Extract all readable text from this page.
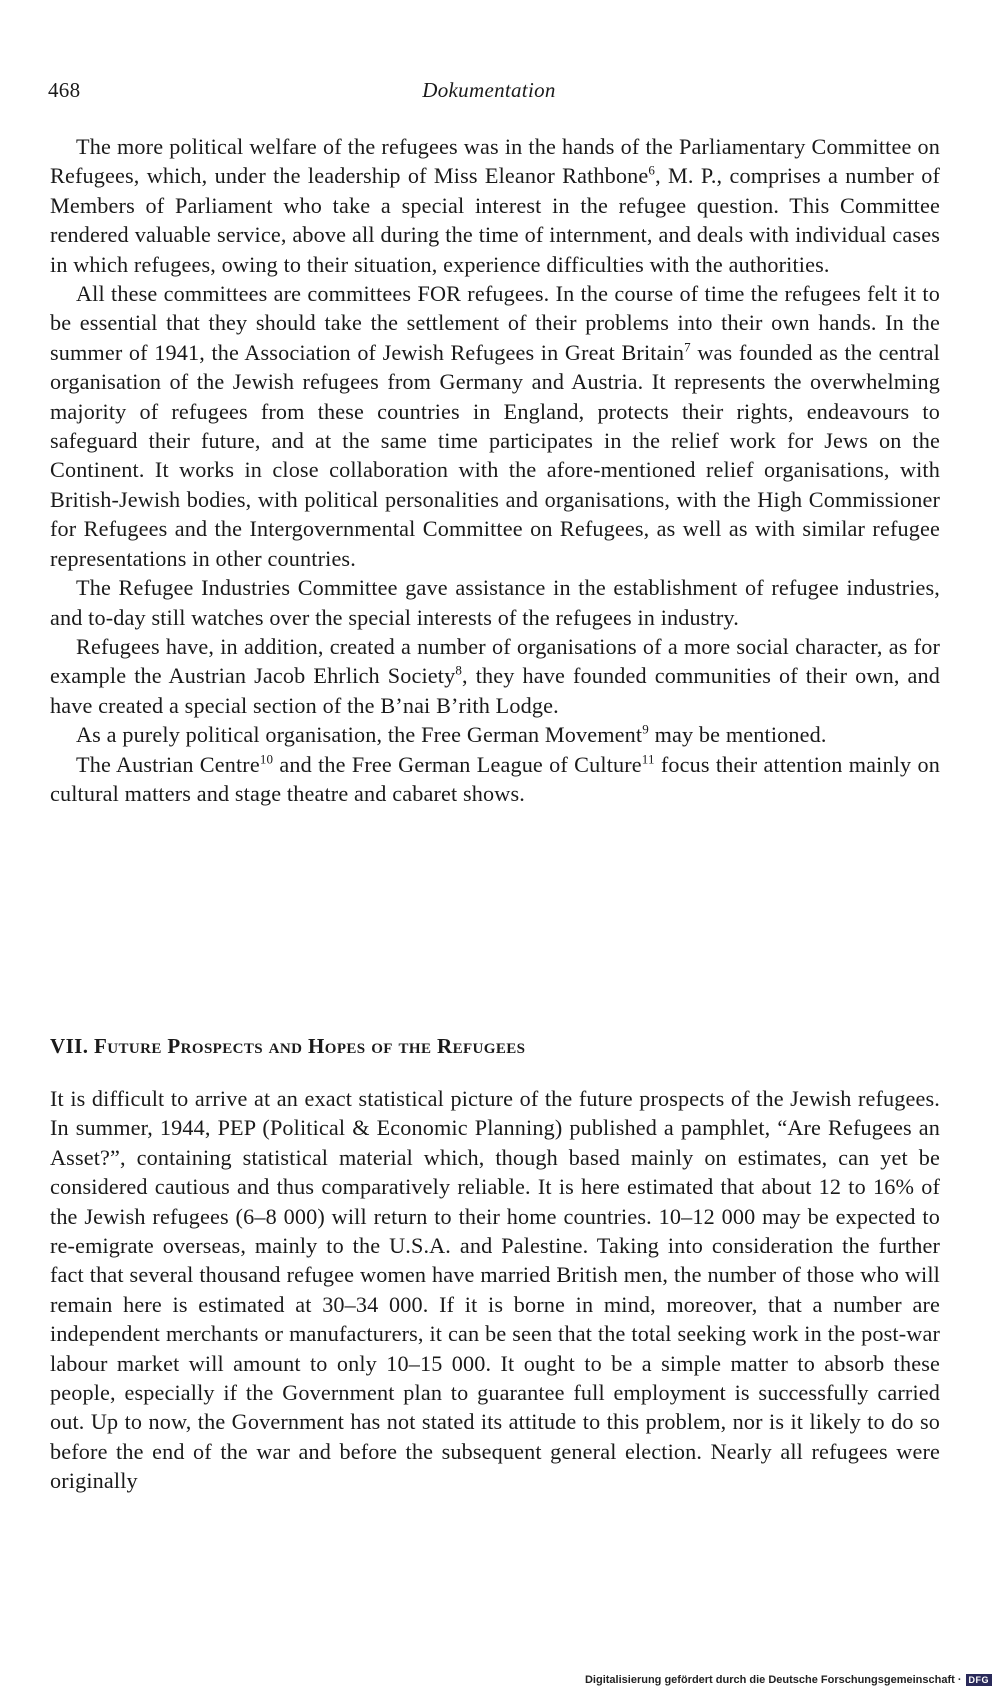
468	Dokumentation

The more political welfare of the refugees was in the hands of the Parliamentary Committee on Refugees, which, under the leadership of Miss Eleanor Rathbone$^6$, M. P., comprises a number of Members of Parliament who take a special interest in the refugee question. This Committee rendered valuable service, above all during the time of internment, and deals with individual cases in which refugees, owing to their situation, experience difficulties with the authorities.

All these committees are committees FOR refugees. In the course of time the refugees felt it to be essential that they should take the settlement of their problems into their own hands. In the summer of 1941, the Association of Jewish Refugees in Great Britain$^7$ was founded as the central organisation of the Jewish refugees from Germany and Austria. It represents the overwhelming majority of refugees from these countries in England, protects their rights, endeavours to safeguard their future, and at the same time participates in the relief work for Jews on the Continent. It works in close collaboration with the afore-mentioned relief organisations, with British-Jewish bodies, with political personalities and organisations, with the High Commissioner for Refugees and the Intergovernmental Committee on Refugees, as well as with similar refugee representations in other countries.

The Refugee Industries Committee gave assistance in the establishment of refugee industries, and to-day still watches over the special interests of the refugees in industry.

Refugees have, in addition, created a number of organisations of a more social character, as for example the Austrian Jacob Ehrlich Society$^8$, they have founded communities of their own, and have created a special section of the B’nai B’rith Lodge.

As a purely political organisation, the Free German Movement$^9$ may be mentioned.

The Austrian Centre$^{10}$ and the Free German League of Culture$^{11}$ focus their attention mainly on cultural matters and stage theatre and cabaret shows.

VII. Future Prospects and Hopes of the Refugees

It is difficult to arrive at an exact statistical picture of the future prospects of the Jewish refugees. In summer, 1944, PEP (Political & Economic Planning) published a pamphlet, “Are Refugees an Asset?”, containing statistical material which, though based mainly on estimates, can yet be considered cautious and thus comparatively reliable. It is here estimated that about 12 to 16% of the Jewish refugees (6–8 000) will return to their home countries. 10–12 000 may be expected to re-emigrate overseas, mainly to the U.S.A. and Palestine. Taking into consideration the further fact that several thousand refugee women have married British men, the number of those who will remain here is estimated at 30–34 000. If it is borne in mind, moreover, that a number are independent merchants or manufacturers, it can be seen that the total seeking work in the post-war labour market will amount to only 10–15 000. It ought to be a simple matter to absorb these people, especially if the Government plan to guarantee full employment is successfully carried out. Up to now, the Government has not stated its attitude to this problem, nor is it likely to do so before the end of the war and before the subsequent general election. Nearly all refugees were originally

Digitalisierung gefördert durch die Deutsche Forschungsgemeinschaft · DFG
